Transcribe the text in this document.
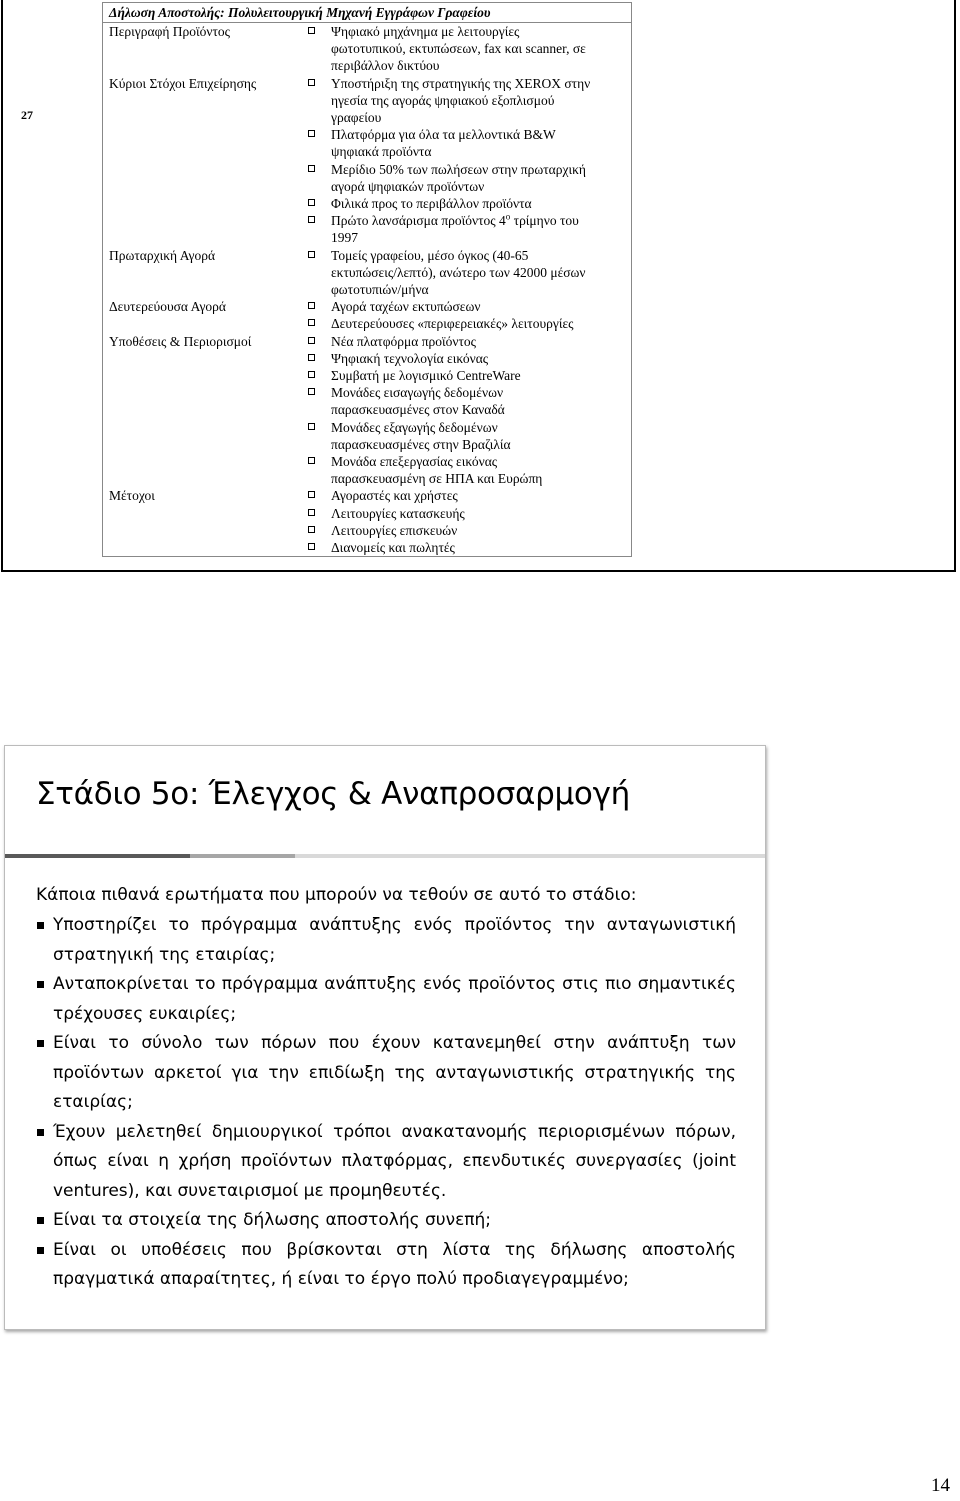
27
Δήλωση Αποστολής: Πολυλειτουργική Μηχανή Εγγράφων Γραφείου
Περιγραφή Προϊόντος	Ψηφιακό μηχάνημα με λειτουργίες
φωτοτυπικού, εκτυπώσεων, fax και scanner, σε
περιβάλλον δικτύου
Κύριοι Στόχοι Επιχείρησης	Υποστήριξη της στρατηγικής της XEROX στην
ηγεσία της αγοράς ψηφιακού εξοπλισμού
γραφείου
Πλατφόρμα για όλα τα μελλοντικά B&W
ψηφιακά προϊόντα
Μερίδιο 50% των πωλήσεων στην πρωταρχική
αγορά ψηφιακών προϊόντων
Φιλικά προς το περιβάλλον προϊόντα
Πρώτο λανσάρισμα προϊόντος $4^o$ τρίμηνο του
1997
Πρωταρχική Αγορά	Τομείς γραφείου, μέσο όγκος (40-65
εκτυπώσεις/λεπτό), ανώτερο των 42000 μέσων
φωτοτυπιών/μήνα
Δευτερεύουσα Αγορά	Αγορά ταχέων εκτυπώσεων
Δευτερεύουσες «περιφερειακές» λειτουργίες
Υποθέσεις & Περιορισμοί	Νέα πλατφόρμα προϊόντος
Ψηφιακή τεχνολογία εικόνας
Συμβατή με λογισμικό CentreWare
Μονάδες εισαγωγής δεδομένων
παρασκευασμένες στον Καναδά
Μονάδες εξαγωγής δεδομένων
παρασκευασμένες στην Βραζιλία
Μονάδα επεξεργασίας εικόνας
παρασκευασμένη σε ΗΠΑ και Ευρώπη
Μέτοχοι	Αγοραστές και χρήστες
Λειτουργίες κατασκευής
Λειτουργίες επισκευών
Διανομείς και πωλητές
Στάδιο 5ο: Έλεγχος & Αναπροσαρμογή
Κάποια πιθανά ερωτήματα που μπορούν να τεθούν σε αυτό το στάδιο:
Υποστηρίζει το πρόγραμμα ανάπτυξης ενός προϊόντος την ανταγωνιστική στρατηγική της εταιρίας;
Ανταποκρίνεται το πρόγραμμα ανάπτυξης ενός προϊόντος στις πιο σημαντικές τρέχουσες ευκαιρίες;
Είναι το σύνολο των πόρων που έχουν κατανεμηθεί στην ανάπτυξη των προϊόντων αρκετοί για την επιδίωξη της ανταγωνιστικής στρατηγικής της εταιρίας;
Έχουν μελετηθεί δημιουργικοί τρόποι ανακατανομής περιορισμένων πόρων, όπως είναι η χρήση προϊόντων πλατφόρμας, επενδυτικές συνεργασίες (joint ventures), και συνεταιρισμοί με προμηθευτές.
Είναι τα στοιχεία της δήλωσης αποστολής συνεπή;
Είναι οι υποθέσεις που βρίσκονται στη λίστα της δήλωσης αποστολής πραγματικά απαραίτητες, ή είναι το έργο πολύ προδιαγεγραμμένο;
14
